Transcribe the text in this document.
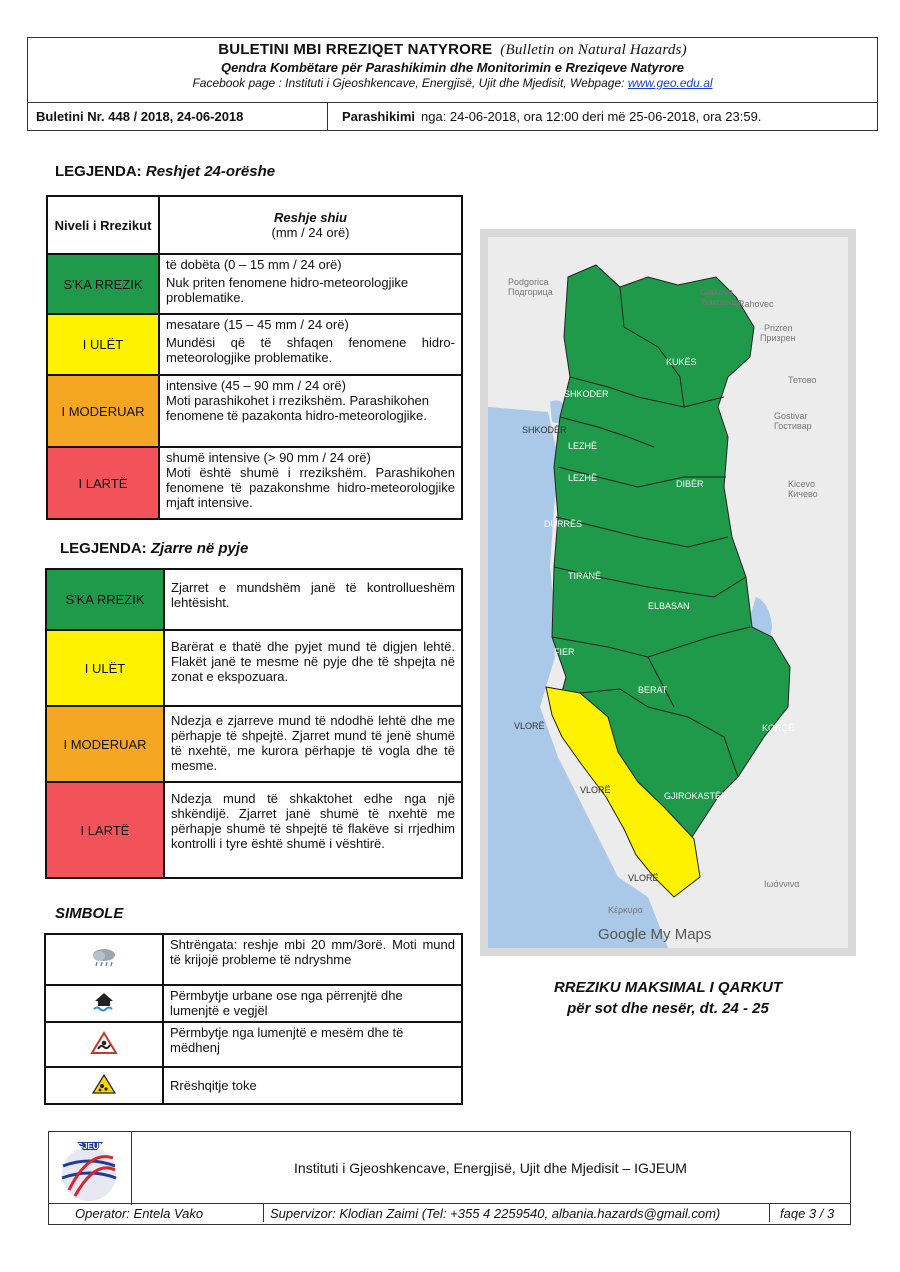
BULETINI MBI RREZIQET NATYRORE (Bulletin on Natural Hazards)
Qendra Kombëtare për Parashikimin dhe Monitorimin e Rreziqeve Natyrore
Facebook page : Instituti i Gjeoshkencave, Energjisë, Ujit dhe Mjedisit, Webpage: www.geo.edu.al
Buletini Nr. 448 / 2018, 24-06-2018	Parashikimi nga: 24-06-2018, ora 12:00 deri më 25-06-2018, ora 23:59.
LEGJENDA: Reshjet 24-orëshe
Niveli i Rrezikut	Reshje shiu
(mm / 24 orë)
S'KA RREZIK	të dobëta (0 – 15 mm / 24 orë)
Nuk priten fenomene hidro-meteorologjike problematike.
I ULËT	mesatare (15 – 45 mm / 24 orë)
Mundësi që të shfaqen fenomene hidro-meteorologjike problematike.
I MODERUAR	intensive (45 – 90 mm / 24 orë)
Moti parashikohet i rrezikshëm. Parashikohen fenomene të pazakonta hidro-meteorologjike.
I LARTË	shumë intensive (> 90 mm / 24 orë)
Moti është shumë i rrezikshëm. Parashikohen fenomene të pazakonshme hidro-meteorologjike mjaft intensive.
LEGJENDA: Zjarre në pyje
S'KA RREZIK	Zjarret e mundshëm janë të kontrollueshëm lehtësisht.
I ULËT	Barërat e thatë dhe pyjet mund të digjen lehtë. Flakët janë te mesme në pyje dhe të shpejta në zonat e ekspozuara.
I MODERUAR	Ndezja e zjarreve mund të ndodhë lehtë dhe me përhapje të shpejtë. Zjarret mund të jenë shumë të nxehtë, me kurora përhapje të vogla dhe të mesme.
I LARTË	Ndezja mund të shkaktohet edhe nga një shkëndijë. Zjarret janë shumë të nxehtë me përhapje shumë të shpejtë të flakëve si rrjedhim kontrolli i tyre është shumë i vështirë.
SIMBOLE
	Shtrëngata: reshje mbi 20 mm/3orë. Moti mund të krijojë probleme të ndryshme
	Përmbytje urbane ose nga përrenjtë dhe lumenjtë e vegjël
	Përmbytje nga lumenjtë e mesëm dhe të mëdhenj
	Rrëshqitje toke
Podgorica
Подгорица	Gjakova
Ђаковица
Rahovec
Prizren
Призрен
Тетово
Gostivar
Гостивар
Kicevo
Кичево
Ιωάννινα
Κέρκυρα
KUKËS
SHKODER
SHKODËR
LEZHË
LEZHË
DIBËR
DURRËS
TIRANË
ELBASAN
FIER
BERAT
KORÇË
VLORË
VLORË
GJIROKASTËR
VLORË
Google My Maps
RREZIKU MAKSIMAL I QARKUT
për sot dhe nesër, dt. 24 - 25
IGJEUM
Instituti i Gjeoshkencave, Energjisë, Ujit dhe Mjedisit – IGJEUM
Operator: Entela Vako	Supervizor: Klodian Zaimi (Tel: +355 4 2259540, albania.hazards@gmail.com)	faqe 3 / 3
